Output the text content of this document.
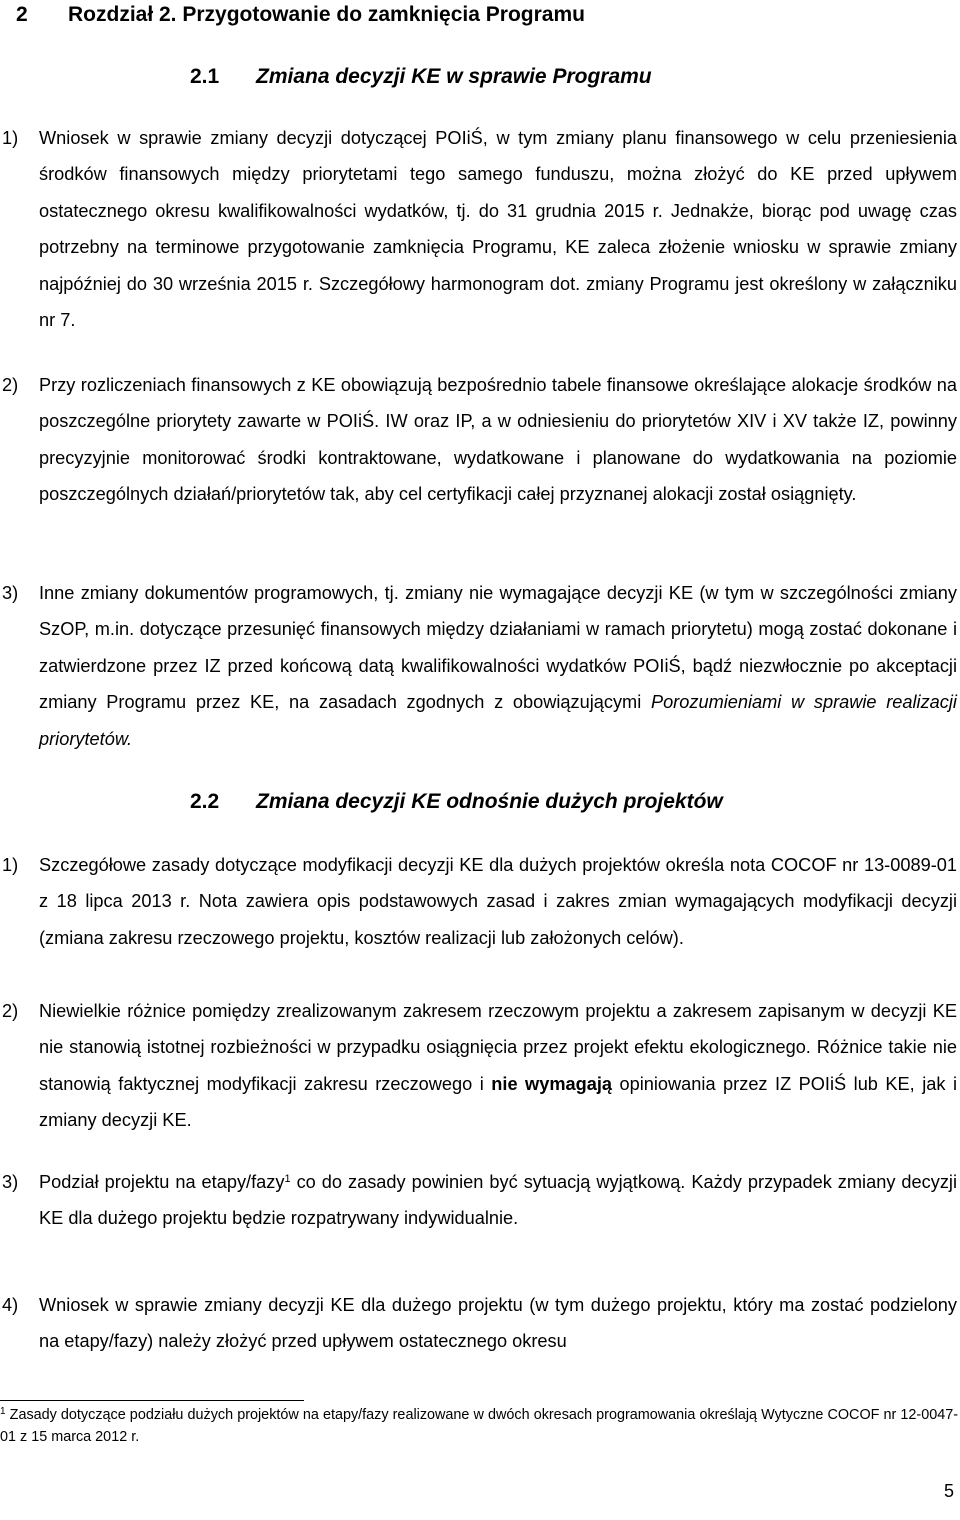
2 Rozdział 2. Przygotowanie do zamknięcia Programu
2.1 Zmiana decyzji KE w sprawie Programu
1) Wniosek w sprawie zmiany decyzji dotyczącej POIiŚ, w tym zmiany planu finansowego w celu przeniesienia środków finansowych między priorytetami tego samego funduszu, można złożyć do KE przed upływem ostatecznego okresu kwalifikowalności wydatków, tj. do 31 grudnia 2015 r. Jednakże, biorąc pod uwagę czas potrzebny na terminowe przygotowanie zamknięcia Programu, KE zaleca złożenie wniosku w sprawie zmiany najpóźniej do 30 września 2015 r. Szczegółowy harmonogram dot. zmiany Programu jest określony w załączniku nr 7.

2) Przy rozliczeniach finansowych z KE obowiązują bezpośrednio tabele finansowe określające alokacje środków na poszczególne priorytety zawarte w POIiŚ. IW oraz IP, a w odniesieniu do priorytetów XIV i XV także IZ, powinny precyzyjnie monitorować środki kontraktowane, wydatkowane i planowane do wydatkowania na poziomie poszczególnych działań/priorytetów tak, aby cel certyfikacji całej przyznanej alokacji został osiągnięty.

3) Inne zmiany dokumentów programowych, tj. zmiany nie wymagające decyzji KE (w tym w szczególności zmiany SzOP, m.in. dotyczące przesunięć finansowych między działaniami w ramach priorytetu) mogą zostać dokonane i zatwierdzone przez IZ przed końcową datą kwalifikowalności wydatków POIiŚ, bądź niezwłocznie po akceptacji zmiany Programu przez KE, na zasadach zgodnych z obowiązującymi Porozumieniami w sprawie realizacji priorytetów.

2.2 Zmiana decyzji KE odnośnie dużych projektów
1) Szczegółowe zasady dotyczące modyfikacji decyzji KE dla dużych projektów określa nota COCOF nr 13-0089-01 z 18 lipca 2013 r. Nota zawiera opis podstawowych zasad i zakres zmian wymagających modyfikacji decyzji (zmiana zakresu rzeczowego projektu, kosztów realizacji lub założonych celów).

2) Niewielkie różnice pomiędzy zrealizowanym zakresem rzeczowym projektu a zakresem zapisanym w decyzji KE nie stanowią istotnej rozbieżności w przypadku osiągnięcia przez projekt efektu ekologicznego. Różnice takie nie stanowią faktycznej modyfikacji zakresu rzeczowego i nie wymagają opiniowania przez IZ POIiŚ lub KE, jak i zmiany decyzji KE.

3) Podział projektu na etapy/fazy$^1$ co do zasady powinien być sytuacją wyjątkową. Każdy przypadek zmiany decyzji KE dla dużego projektu będzie rozpatrywany indywidualnie.

4) Wniosek w sprawie zmiany decyzji KE dla dużego projektu (w tym dużego projektu, który ma zostać podzielony na etapy/fazy) należy złożyć przed upływem ostatecznego okresu

$^1$ Zasady dotyczące podziału dużych projektów na etapy/fazy realizowane w dwóch okresach programowania określają Wytyczne COCOF nr 12-0047-01 z 15 marca 2012 r.
5
